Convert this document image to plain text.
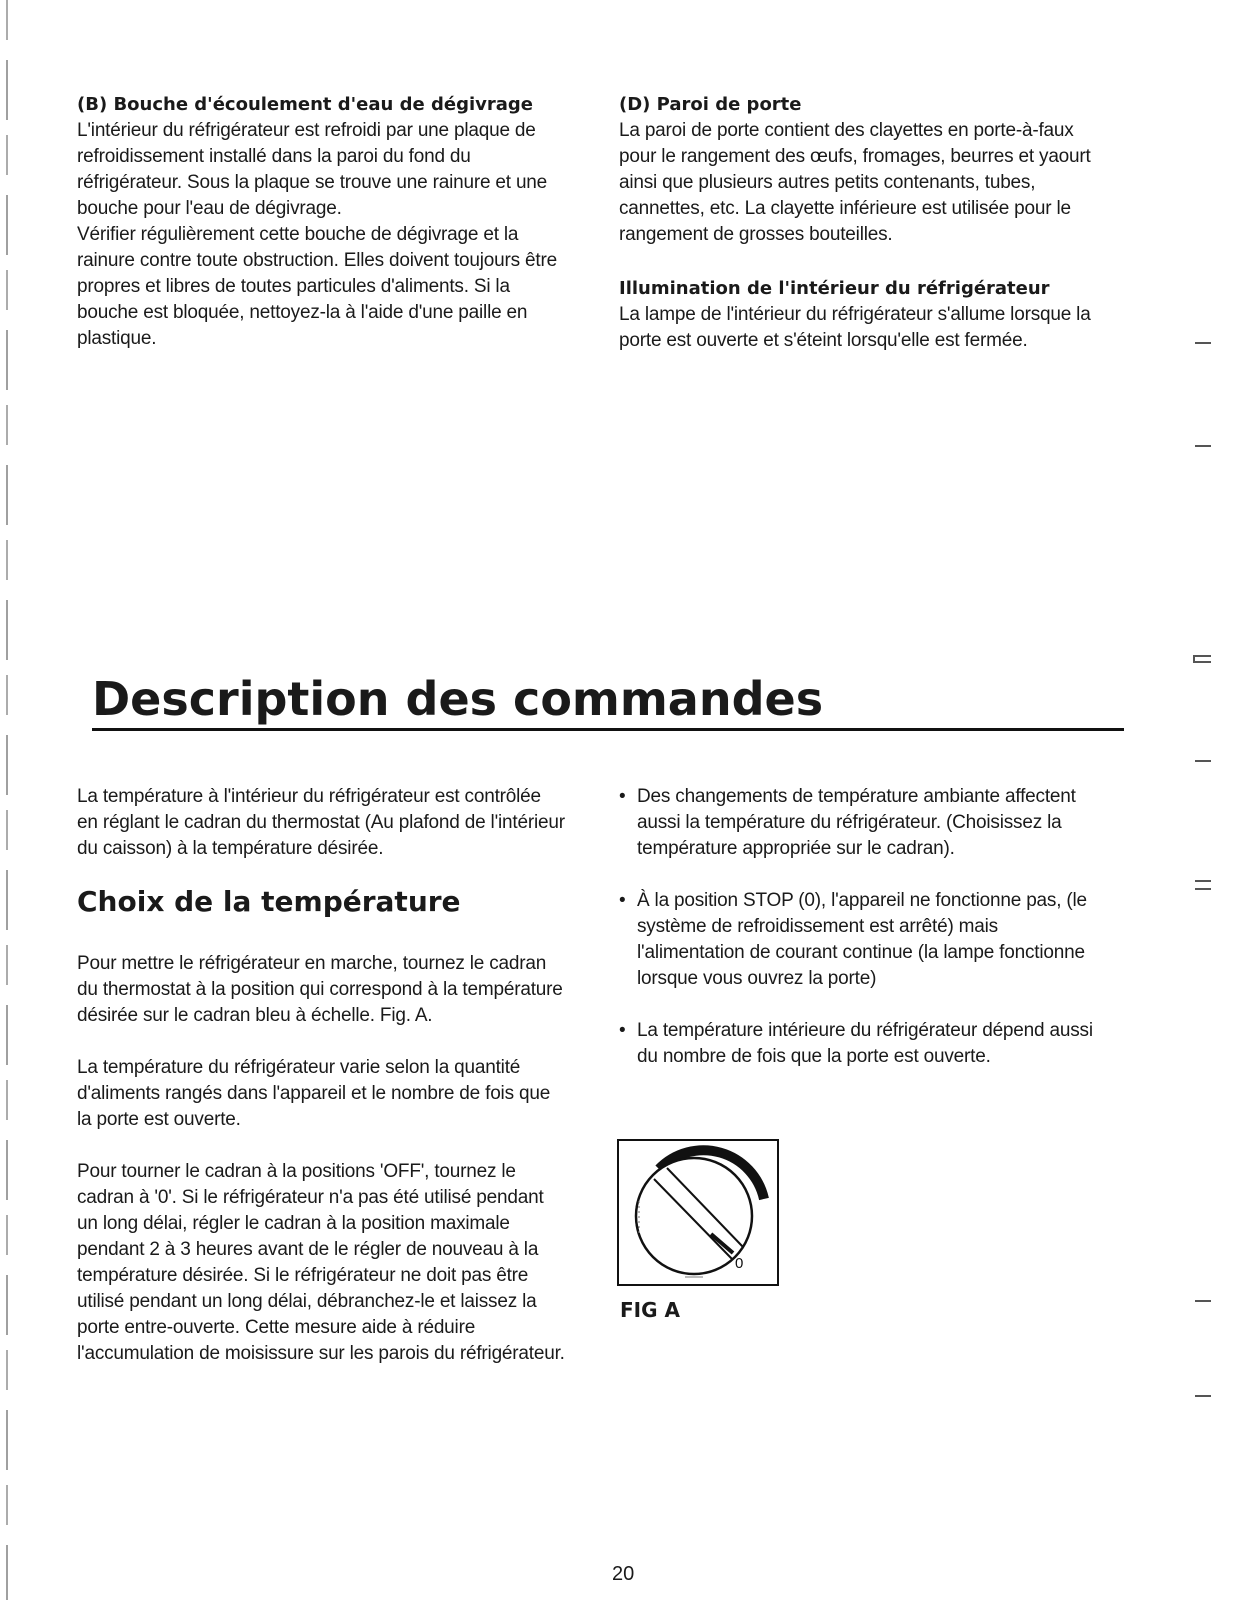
(B) Bouche d'écoulement d'eau de dégivrage
L'intérieur du réfrigérateur est refroidi par une plaque de
refroidissement installé dans la paroi du fond du
réfrigérateur. Sous la plaque se trouve une rainure et une
bouche pour l'eau de dégivrage.
Vérifier régulièrement cette bouche de dégivrage et la
rainure contre toute obstruction. Elles doivent toujours être
propres et libres de toutes particules d'aliments. Si la
bouche est bloquée, nettoyez-la à l'aide d'une paille en
plastique.
(D) Paroi de porte
La paroi de porte contient des clayettes en porte-à-faux
pour le rangement des œufs, fromages, beurres et yaourt
ainsi que plusieurs autres petits contenants, tubes,
cannettes, etc. La clayette inférieure est utilisée pour le
rangement de grosses bouteilles.
Illumination de l'intérieur du réfrigérateur
La lampe de l'intérieur du réfrigérateur s'allume lorsque la
porte est ouverte et s'éteint lorsqu'elle est fermée.
Description des commandes
La température à l'intérieur du réfrigérateur est contrôlée
en réglant le cadran du thermostat (Au plafond de l'intérieur
du caisson) à la température désirée.
Choix de la température
Pour mettre le réfrigérateur en marche, tournez le cadran
du thermostat à la position qui correspond à la température
désirée sur le cadran bleu à échelle. Fig. A.
La température du réfrigérateur varie selon la quantité
d'aliments rangés dans l'appareil et le nombre de fois que
la porte est ouverte.
Pour tourner le cadran à la positions 'OFF', tournez le
cadran à '0'. Si le réfrigérateur n'a pas été utilisé pendant
un long délai, régler le cadran à la position maximale
pendant 2 à 3 heures avant de le régler de nouveau à la
température désirée. Si le réfrigérateur ne doit pas être
utilisé pendant un long délai, débranchez-le et laissez la
porte entre-ouverte. Cette mesure aide à réduire
l'accumulation de moisissure sur les parois du réfrigérateur.
• Des changements de température ambiante affectent
aussi la température du réfrigérateur. (Choisissez la
température appropriée sur le cadran).
• À la position STOP (0), l'appareil ne fonctionne pas, (le
système de refroidissement est arrêté) mais
l'alimentation de courant continue (la lampe fonctionne
lorsque vous ouvrez la porte)
• La température intérieure du réfrigérateur dépend aussi
du nombre de fois que la porte est ouverte.
0
FIG A
20
